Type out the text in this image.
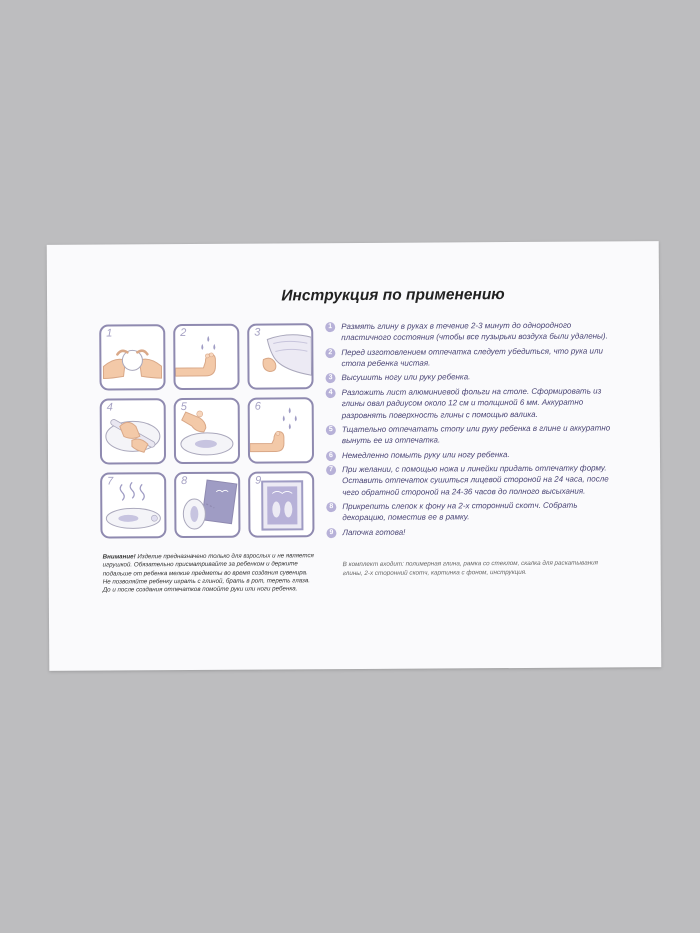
Инструкция по применению
1	2	3
4	5	6
7	8	9
Внимание! Изделие предназначено только для взрослых и не является игрушкой. Обязательно присматривайте за ребенком и держите подальше от ребенка мелкие предметы во время создания сувенира. Не позволяйте ребенку играть с глиной, брать в рот, тереть глаза. До и после создания отпечатков помойте руки или ноги ребенка.
1	Размять глину в руках в течение 2-3 минут до однородного пластичного состояния (чтобы все пузырьки воздуха были удалены).
2	Перед изготовлением отпечатка следует убедиться, что рука или стопа ребенка чистая.
3	Высушить ногу или руку ребенка.
4	Разложить лист алюминиевой фольги на столе. Сформировать из глины овал радиусом около 12 см и толщиной 6 мм. Аккуратно разровнять поверхность глины с помощью валика.
5	Тщательно отпечатать стопу или руку ребенка в глине и аккуратно вынуть ее из отпечатка.
6	Немедленно помыть руку или ногу ребенка.
7	При желании, с помощью ножа и линейки придать отпечатку форму. Оставить отпечаток сушиться лицевой стороной на 24 часа, после чего обратной стороной на 24-36 часов до полного высыхания.
8	Прикрепить слепок к фону на 2-х сторонний скотч. Собрать декорацию, поместив ее в рамку.
9	Лапочка готова!
В комплект входит: полимерная глина, рамка со стеклом, скалка для раскатывания глины, 2-х сторонний скотч, картинка с фоном, инструкция.
